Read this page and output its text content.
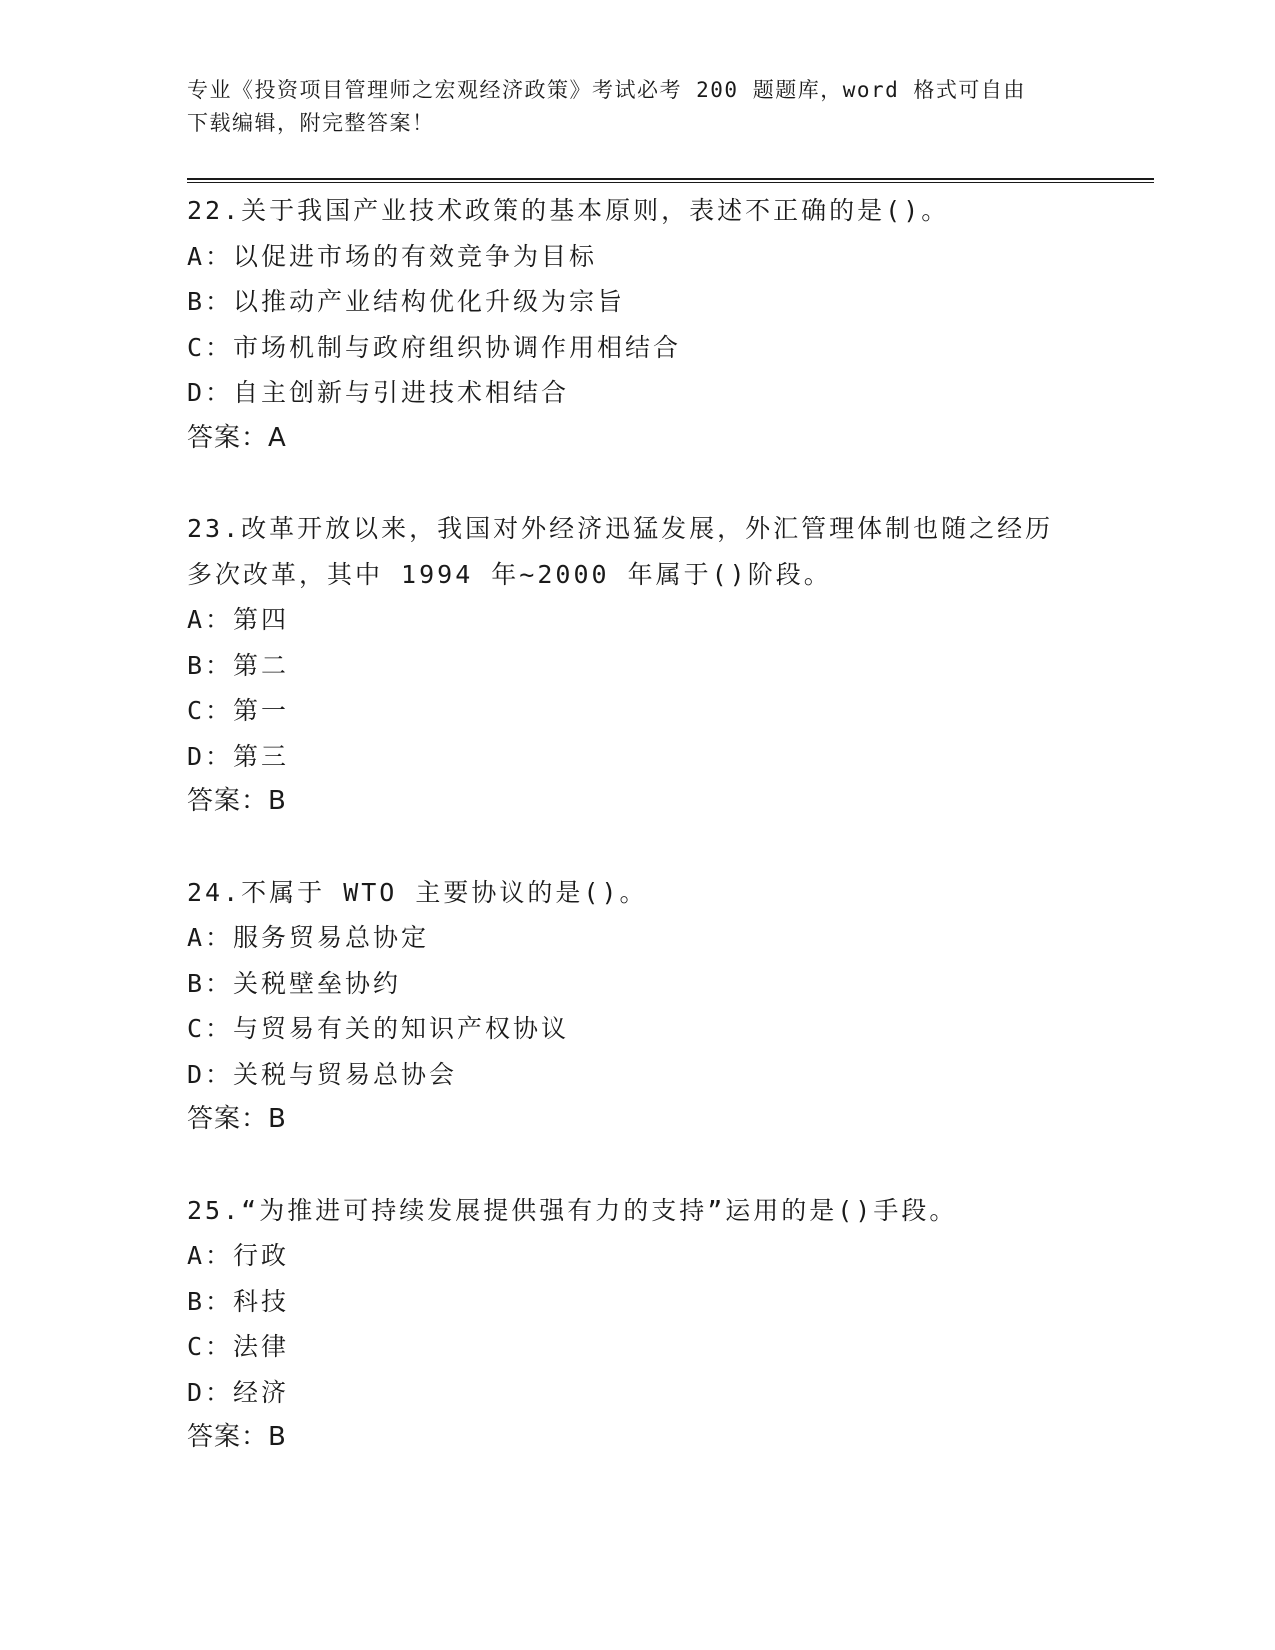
专业《投资项目管理师之宏观经济政策》考试必考 200 题题库，word 格式可自由
下载编辑，附完整答案！

22.关于我国产业技术政策的基本原则，表述不正确的是()。

A：以促进市场的有效竞争为目标

B：以推动产业结构优化升级为宗旨

C：市场机制与政府组织协调作用相结合

D：自主创新与引进技术相结合

答案：A

23.改革开放以来，我国对外经济迅猛发展，外汇管理体制也随之经历多次改革，其中 1994 年~2000 年属于()阶段。

A：第四

B：第二

C：第一

D：第三

答案：B

24.不属于 WTO 主要协议的是()。

A：服务贸易总协定

B：关税壁垒协约

C：与贸易有关的知识产权协议

D：关税与贸易总协会

答案：B

25.“为推进可持续发展提供强有力的支持”运用的是()手段。

A：行政

B：科技

C：法律

D：经济

答案：B
